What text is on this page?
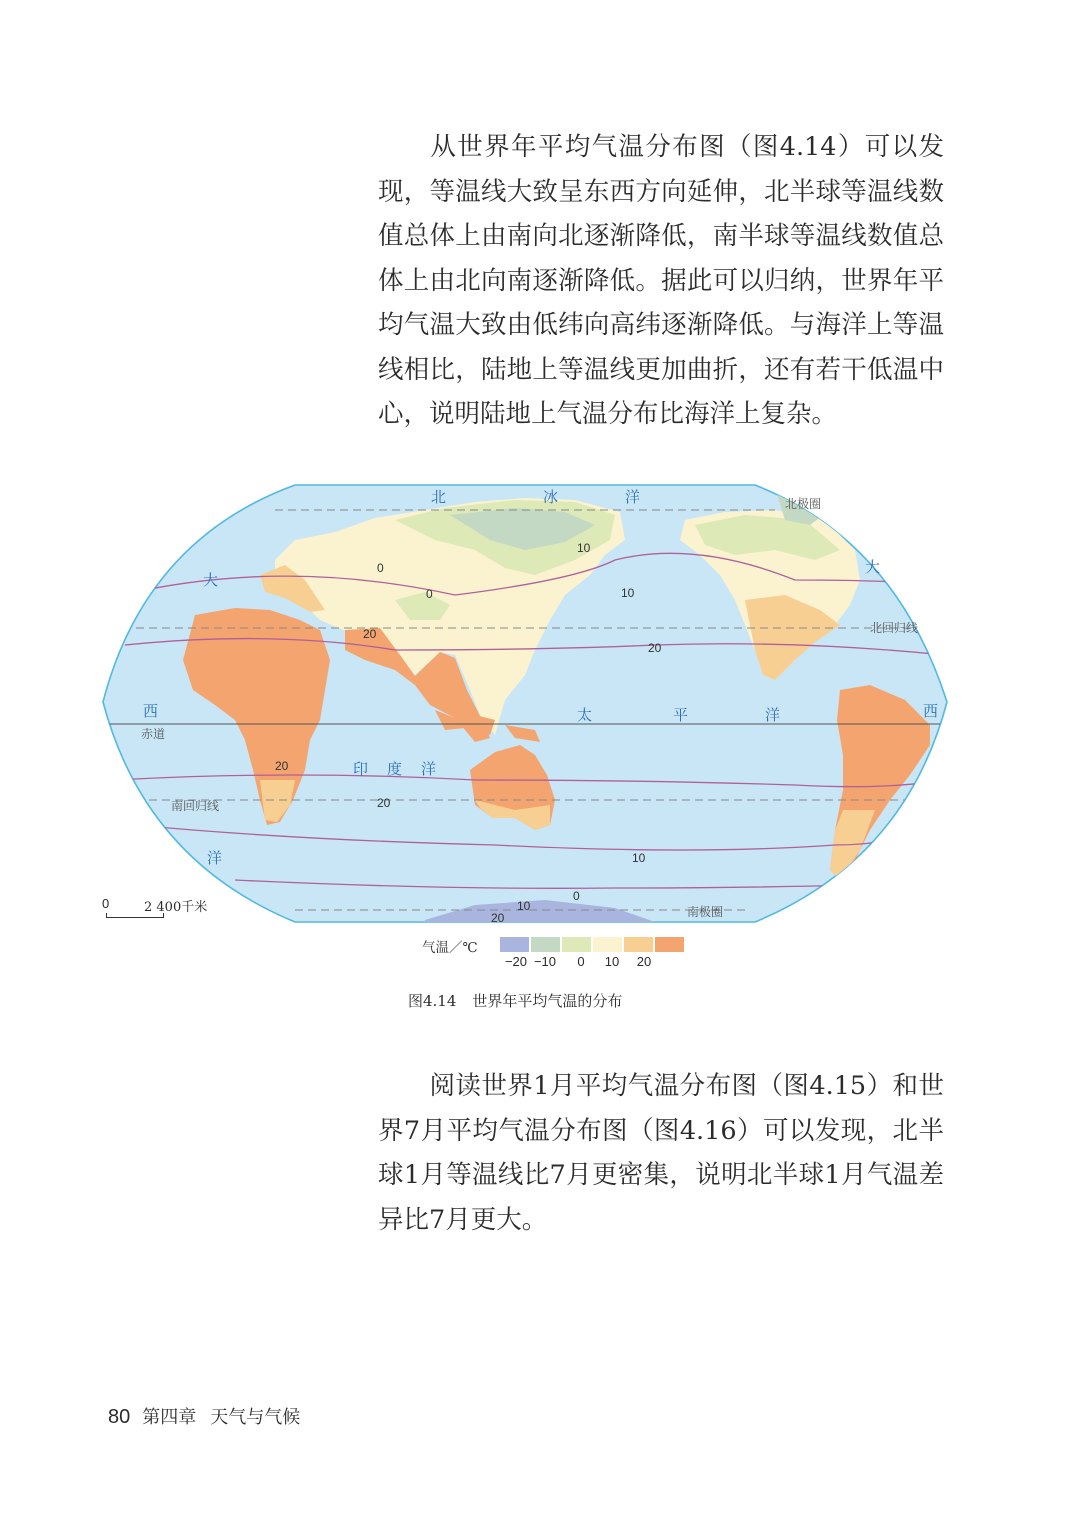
从世界年平均气温分布图（图4.14）可以发现，等温线大致呈东西方向延伸，北半球等温线数值总体上由南向北逐渐降低，南半球等温线数值总体上由北向南逐渐降低。据此可以归纳，世界年平均气温大致由低纬向高纬逐渐降低。与海洋上等温线相比，陆地上等温线更加曲折，还有若干低温中心，说明陆地上气温分布比海洋上复杂。

北	冰	洋
太	平	洋
印 度 洋
大
西
洋
大
西
北极圈
北回归线
赤道
南回归线
南极圈
10
0
0	10
20
20
20
20
10
0
10
20
0	2 400千米
气温／℃
−20 −10 0 10 20
图4.14 世界年平均气温的分布

阅读世界1月平均气温分布图（图4.15）和世界7月平均气温分布图（图4.16）可以发现，北半球1月等温线比7月更密集，说明北半球1月气温差异比7月更大。

80 第四章 天气与气候
